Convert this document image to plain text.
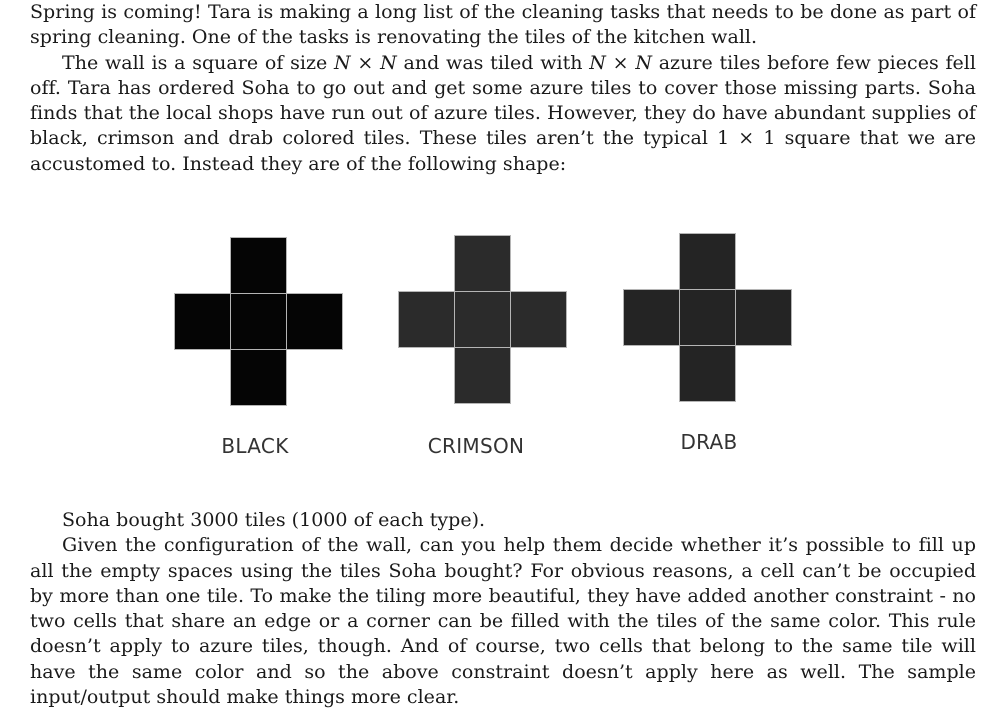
Spring is coming! Tara is making a long list of the cleaning tasks that needs to be done as part of spring cleaning. One of the tasks is renovating the tiles of the kitchen wall.

The wall is a square of size N × N and was tiled with N × N azure tiles before few pieces fell off. Tara has ordered Soha to go out and get some azure tiles to cover those missing parts. Soha finds that the local shops have run out of azure tiles. However, they do have abundant supplies of black, crimson and drab colored tiles. These tiles aren’t the typical 1 × 1 square that we are accustomed to. Instead they are of the following shape:

BLACK	CRIMSON	DRAB

Soha bought 3000 tiles (1000 of each type).

Given the configuration of the wall, can you help them decide whether it’s possible to fill up all the empty spaces using the tiles Soha bought? For obvious reasons, a cell can’t be occupied by more than one tile. To make the tiling more beautiful, they have added another constraint - no two cells that share an edge or a corner can be filled with the tiles of the same color. This rule doesn’t apply to azure tiles, though. And of course, two cells that belong to the same tile will have the same color and so the above constraint doesn’t apply here as well. The sample input/output should make things more clear.
